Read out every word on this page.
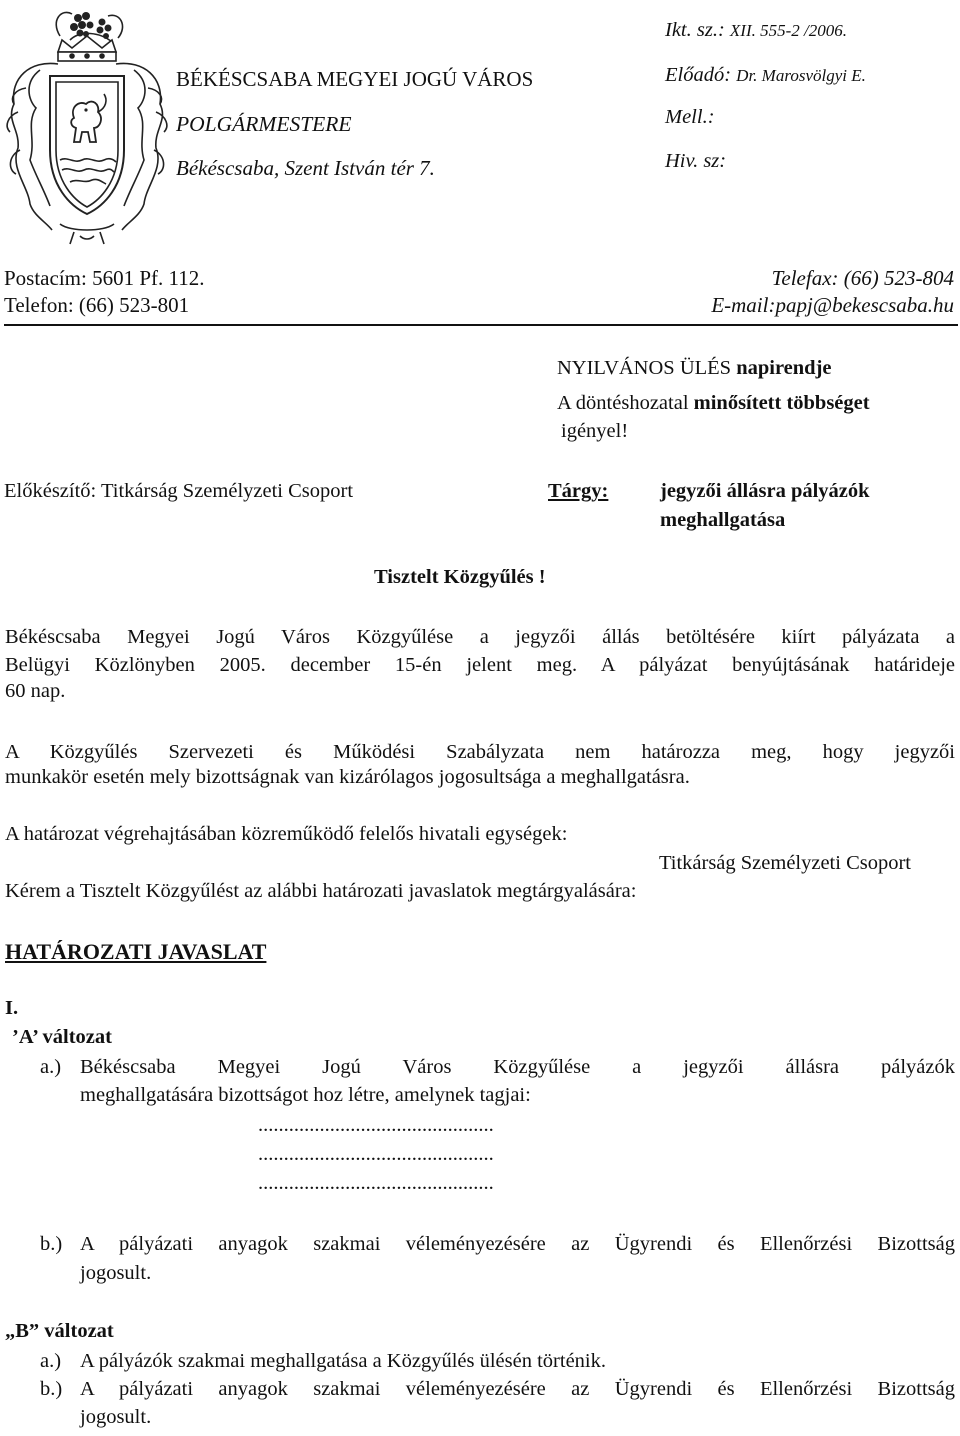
BÉKÉSCSABA MEGYEI JOGÚ VÁROS
POLGÁRMESTERE
Békéscsaba, Szent István tér 7.
Ikt. sz.: XII. 555-2 /2006.
Előadó: Dr. Marosvölgyi E.
Mell.:
Hiv. sz:
Postacím: 5601 Pf. 112.
Telefon: (66) 523-801
Telefax: (66) 523-804
E-mail:papj@bekescsaba.hu
NYILVÁNOS ÜLÉS napirendje
A döntéshozatal minősített többséget
igényel!
Előkészítő: Titkárság Személyzeti Csoport	Tárgy:	jegyzői állásra pályázók
meghallgatása
Tisztelt Közgyűlés !
Békéscsaba Megyei Jogú Város Közgyűlése a jegyzői állás betöltésére kiírt pályázata a
Belügyi Közlönyben 2005. december 15-én jelent meg. A pályázat benyújtásának határideje
60 nap.
A Közgyűlés Szervezeti és Működési Szabályzata nem határozza meg, hogy jegyzői
munkakör esetén mely bizottságnak van kizárólagos jogosultsága a meghallgatásra.
A határozat végrehajtásában közreműködő felelős hivatali egységek:
Titkárság Személyzeti Csoport
Kérem a Tisztelt Közgyűlést az alábbi határozati javaslatok megtárgyalására:
HATÁROZATI JAVASLAT
I.
’A’ változat
a.) Békéscsaba Megyei Jogú Város Közgyűlése a jegyzői állásra pályázók
meghallgatására bizottságot hoz létre, amelynek tagjai:
..............................................
..............................................
..............................................
b.) A pályázati anyagok szakmai véleményezésére az Ügyrendi és Ellenőrzési Bizottság
jogosult.
„B” változat
a.) A pályázók szakmai meghallgatása a Közgyűlés ülésén történik.
b.) A pályázati anyagok szakmai véleményezésére az Ügyrendi és Ellenőrzési Bizottság
jogosult.
